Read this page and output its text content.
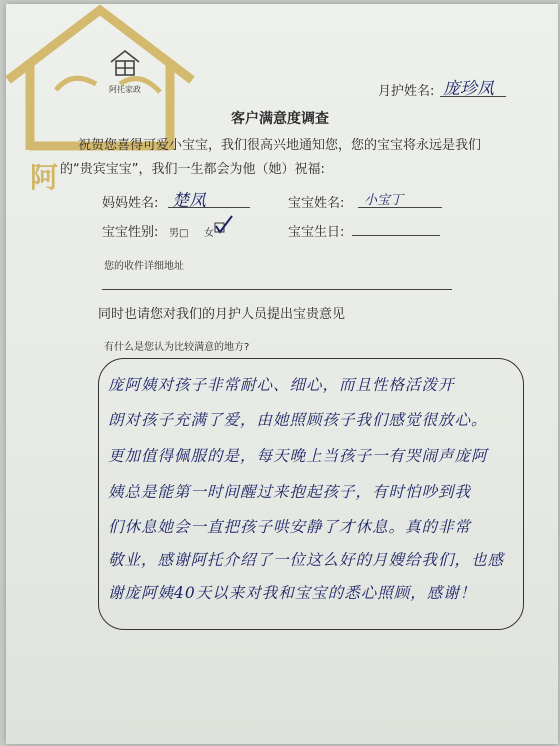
阿
阿托家政	月护姓名: 庞珍凤
客户满意度调查
祝贺您喜得可爱小宝宝，我们很高兴地通知您，您的宝宝将永远是我们
的“贵宾宝宝”，我们一生都会为他（她）祝福:
妈妈姓名: 楚凤	宝宝姓名: 小宝丁
宝宝性别: 男□ 女	宝宝生日:
您的收件详细地址
同时也请您对我们的月护人员提出宝贵意见
有什么是您认为比较满意的地方?
庞阿姨对孩子非常耐心、细心，而且性格活泼开
朗对孩子充满了爱，由她照顾孩子我们感觉很放心。
更加值得佩服的是，每天晚上当孩子一有哭闹声庞阿
姨总是能第一时间醒过来抱起孩子，有时怕吵到我
们休息她会一直把孩子哄安静了才休息。真的非常
敬业，感谢阿托介绍了一位这么好的月嫂给我们，也感
谢庞阿姨40天以来对我和宝宝的悉心照顾，感谢！
